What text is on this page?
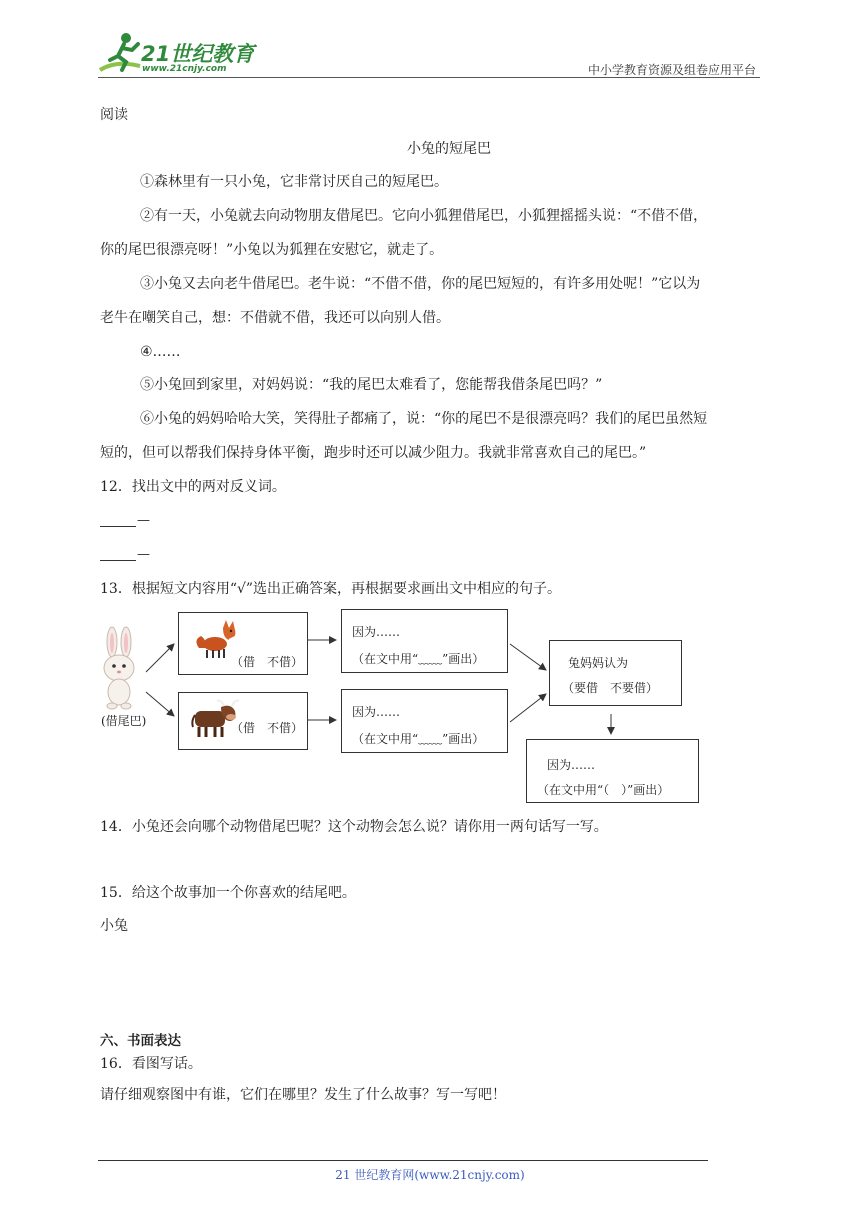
21世纪教育
www.21cnjy.com	中小学教育资源及组卷应用平台

阅读

小兔的短尾巴

①森林里有一只小兔，它非常讨厌自己的短尾巴。

②有一天，小兔就去向动物朋友借尾巴。它向小狐狸借尾巴，小狐狸摇摇头说：“不借不借，

你的尾巴很漂亮呀！”小兔以为狐狸在安慰它，就走了。

③小兔又去向老牛借尾巴。老牛说：“不借不借，你的尾巴短短的，有许多用处呢！”它以为

老牛在嘲笑自己，想：不借就不借，我还可以向别人借。

④……

⑤小兔回到家里，对妈妈说：“我的尾巴太难看了，您能帮我借条尾巴吗？”

⑥小兔的妈妈哈哈大笑，笑得肚子都痛了，说：“你的尾巴不是很漂亮吗？我们的尾巴虽然短

短的，但可以帮我们保持身体平衡，跑步时还可以减少阻力。我就非常喜欢自己的尾巴。”

12．找出文中的两对反义词。

—

—

13．根据短文内容用“√”选出正确答案，再根据要求画出文中相应的句子。

(借尾巴)
（借　不借）
（借　不借）
因为……
（在文中用“﹏﹏”画出）
因为……
（在文中用“﹏﹏”画出）
兔妈妈认为
（要借　不要借）
因为……
（在文中用“（　）”画出）

14．小兔还会向哪个动物借尾巴呢？这个动物会怎么说？请你用一两句话写一写。

15．给这个故事加一个你喜欢的结尾吧。

小兔

六、书面表达

16．看图写话。

请仔细观察图中有谁，它们在哪里？发生了什么故事？写一写吧！

21 世纪教育网(www.21cnjy.com)
